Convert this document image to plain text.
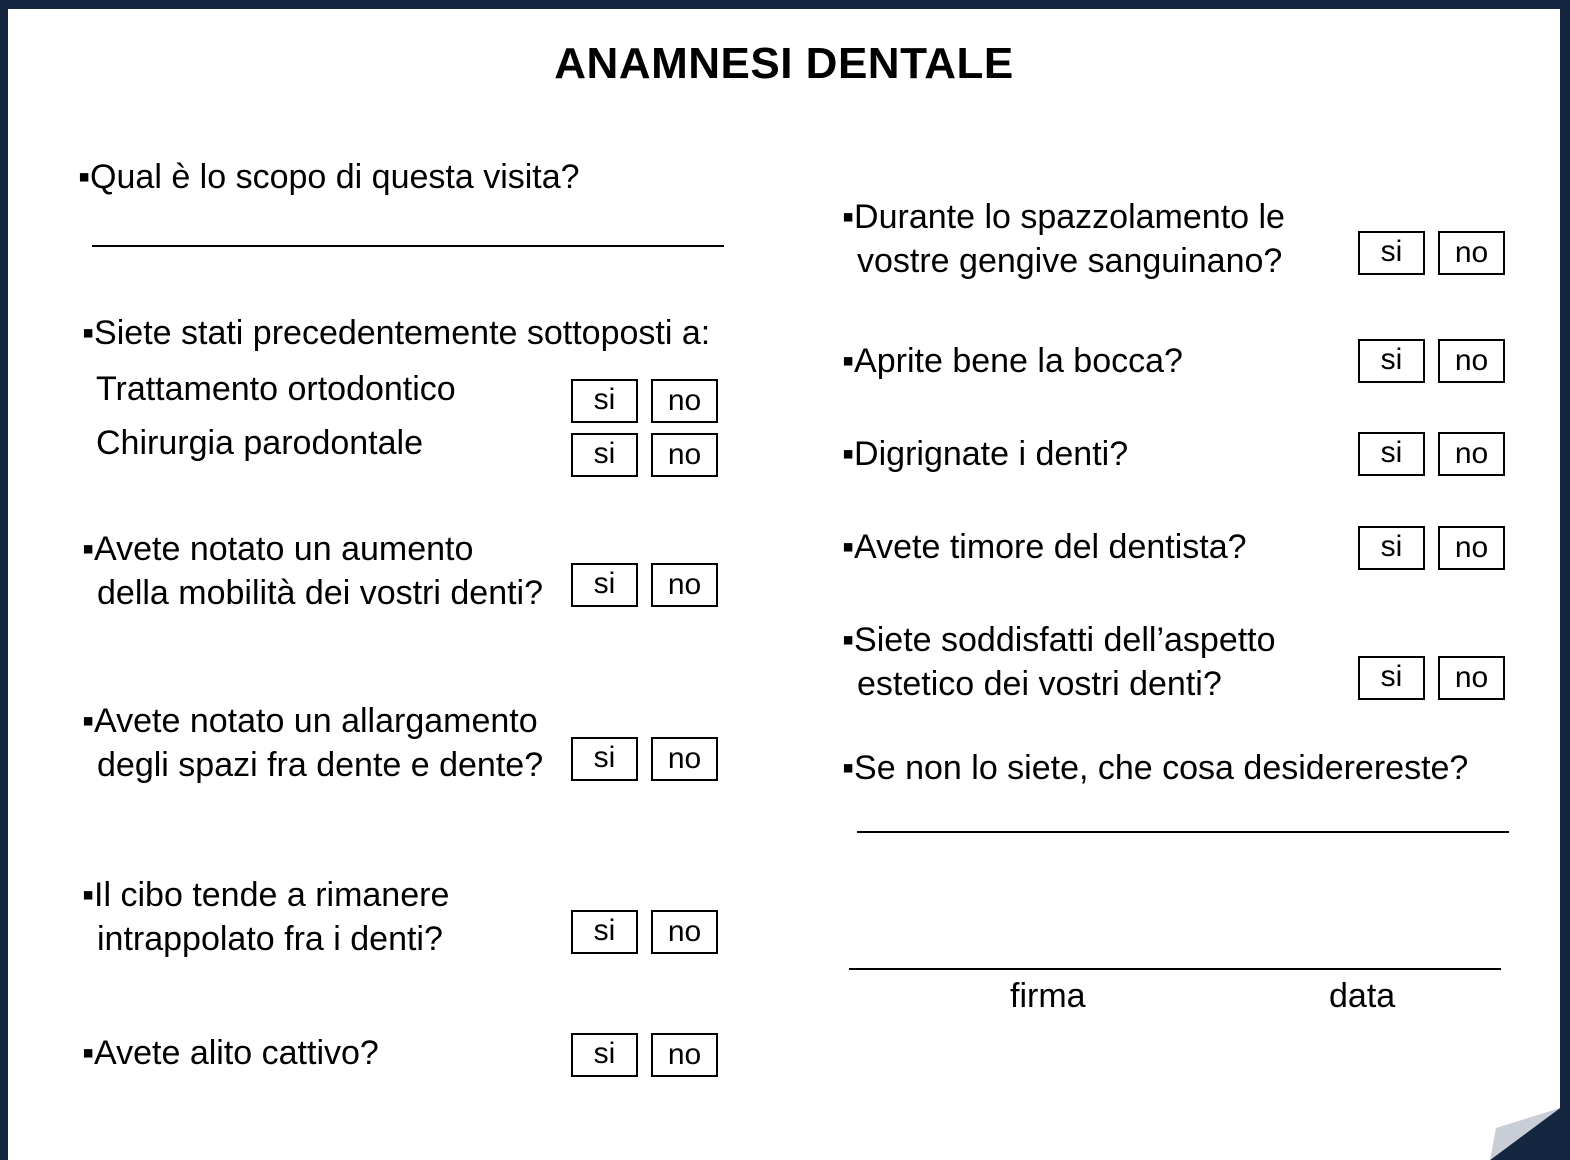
ANAMNESI DENTALE
▪Qual è lo scopo di questa visita?
▪Siete stati precedentemente sottoposti a:
Trattamento ortodontico	si	no
Chirurgia parodontale	si	no
▪Avete notato un aumento
della mobilità dei vostri denti?	si	no
▪Avete notato un allargamento
degli spazi fra dente e dente?	si	no
▪Il cibo tende a rimanere
intrappolato fra i denti?	si	no
▪Avete alito cattivo?	si	no
▪Durante lo spazzolamento le
vostre gengive sanguinano?	si	no
▪Aprite bene la bocca?	si	no
▪Digrignate i denti?	si	no
▪Avete timore del dentista?	si	no
▪Siete soddisfatti dell’aspetto
estetico dei vostri denti?	si	no
▪Se non lo siete, che cosa desiderereste?
firma	data
